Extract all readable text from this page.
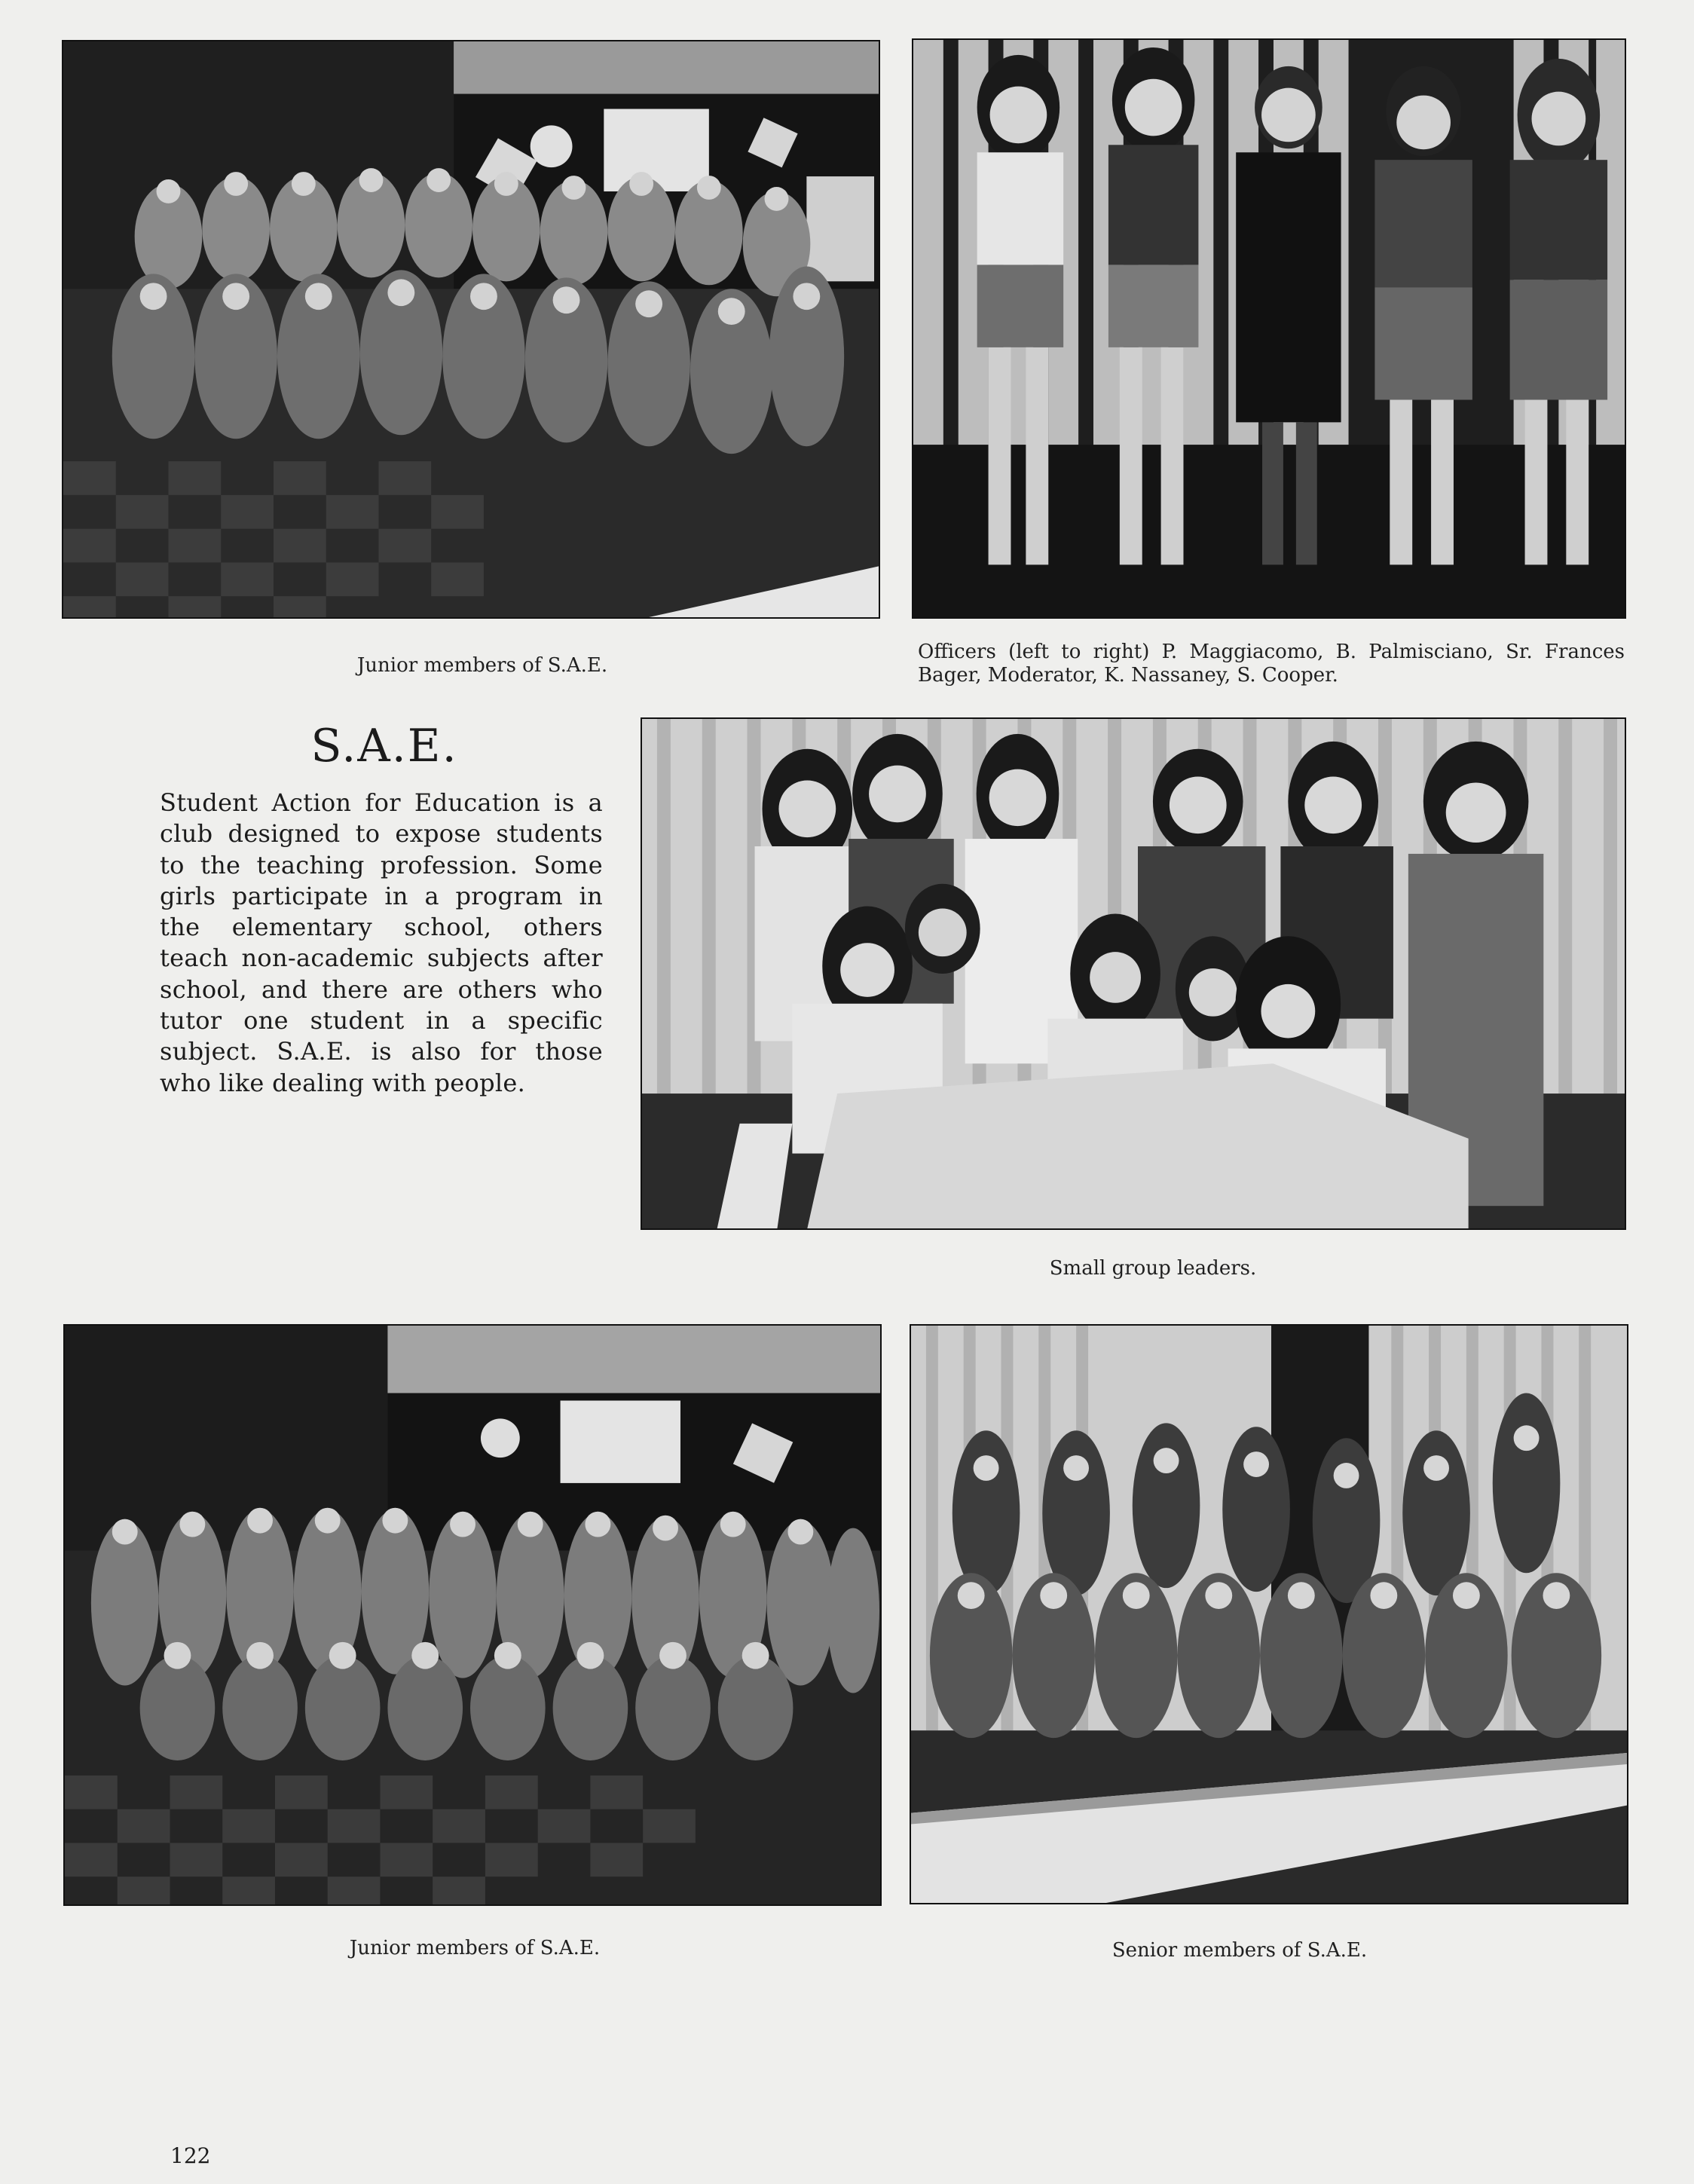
Junior members of S.A.E.
Officers (left to right) P. Maggiacomo, B. Palmisciano, Sr. Frances Bager, Moderator, K. Nassaney, S. Cooper.
S.A.E.

Student Action for Education is a club designed to expose students to the teaching profession. Some girls participate in a program in the elementary school, others teach non-academic subjects after school, and there are others who tutor one student in a specific subject. S.A.E. is also for those who like dealing with people.

Small group leaders.
Junior members of S.A.E.	Senior members of S.A.E.
122
